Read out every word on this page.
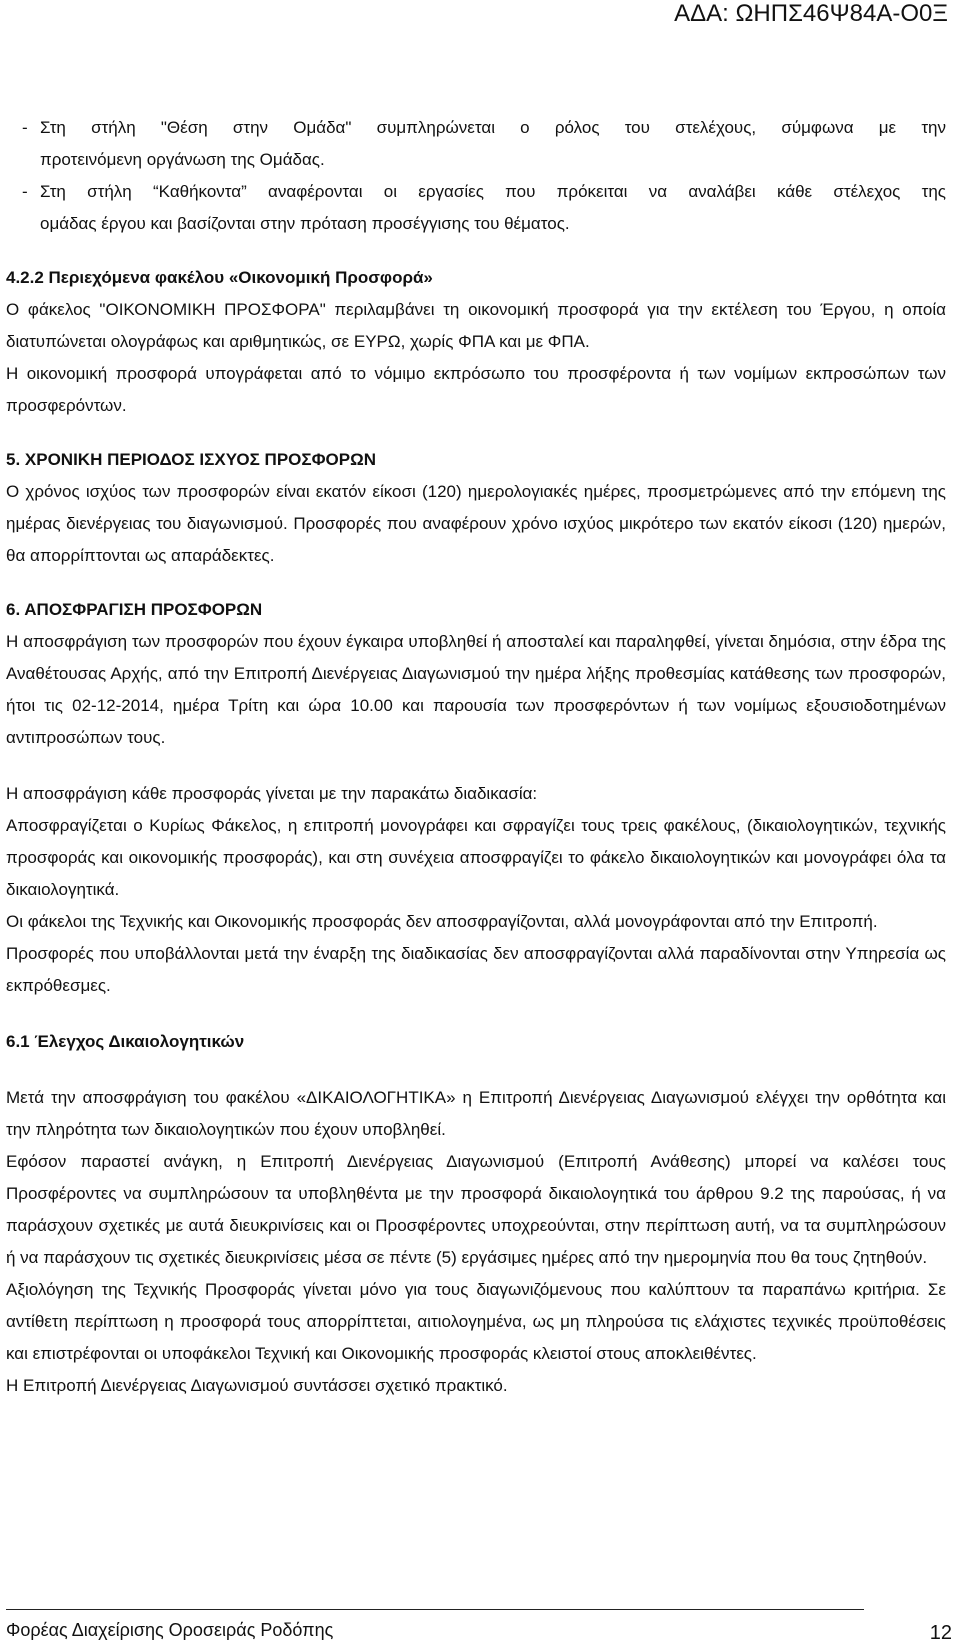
ΑΔΑ: ΩΗΠΣ46Ψ84Α-Ο0Ξ
- Στη στήλη "Θέση στην Ομάδα" συμπληρώνεται ο ρόλος του στελέχους, σύμφωνα με την
προτεινόμενη οργάνωση της Ομάδας.
- Στη στήλη “Καθήκοντα” αναφέρονται οι εργασίες που πρόκειται να αναλάβει κάθε στέλεχος της
ομάδας έργου και βασίζονται στην πρόταση προσέγγισης του θέματος.
4.2.2 Περιεχόμενα φακέλου «Οικονομική Προσφορά»
Ο φάκελος "ΟΙΚΟΝΟΜΙΚΗ ΠΡΟΣΦΟΡΑ" περιλαμβάνει τη οικονομική προσφορά για την εκτέλεση του Έργου, η οποία διατυπώνεται ολογράφως και αριθμητικώς, σε ΕΥΡΩ, χωρίς ΦΠΑ και με ΦΠΑ.
Η οικονομική προσφορά υπογράφεται από το νόμιμο εκπρόσωπο του προσφέροντα ή των νομίμων εκπροσώπων των προσφερόντων.
5. ΧΡΟΝΙΚΗ ΠΕΡΙΟΔΟΣ ΙΣΧΥΟΣ ΠΡΟΣΦΟΡΩΝ
Ο χρόνος ισχύος των προσφορών είναι εκατόν είκοσι (120) ημερολογιακές ημέρες, προσμετρώμενες από την επόμενη της ημέρας διενέργειας του διαγωνισμού. Προσφορές που αναφέρουν χρόνο ισχύος μικρότερο των εκατόν είκοσι (120) ημερών, θα απορρίπτονται ως απαράδεκτες.
6. ΑΠΟΣΦΡΑΓΙΣΗ ΠΡΟΣΦΟΡΩΝ
Η αποσφράγιση των προσφορών που έχουν έγκαιρα υποβληθεί ή αποσταλεί και παραληφθεί, γίνεται δημόσια, στην έδρα της Αναθέτουσας Αρχής, από την Επιτροπή Διενέργειας Διαγωνισμού την ημέρα λήξης προθεσμίας κατάθεσης των προσφορών, ήτοι τις 02-12-2014, ημέρα Τρίτη και ώρα 10.00 και παρουσία των προσφερόντων ή των νομίμως εξουσιοδοτημένων αντιπροσώπων τους.
Η αποσφράγιση κάθε προσφοράς γίνεται με την παρακάτω διαδικασία:
Αποσφραγίζεται ο Κυρίως Φάκελος, η επιτροπή μονογράφει και σφραγίζει τους τρεις φακέλους, (δικαιολογητικών, τεχνικής προσφοράς και οικονομικής προσφοράς), και στη συνέχεια αποσφραγίζει το φάκελο δικαιολογητικών και μονογράφει όλα τα δικαιολογητικά.
Οι φάκελοι της Τεχνικής και Οικονομικής προσφοράς δεν αποσφραγίζονται, αλλά μονογράφονται από την Επιτροπή.
Προσφορές που υποβάλλονται μετά την έναρξη της διαδικασίας δεν αποσφραγίζονται αλλά παραδίνονται στην Υπηρεσία ως εκπρόθεσμες.
6.1 Έλεγχος Δικαιολογητικών
Μετά την αποσφράγιση του φακέλου «ΔΙΚΑΙΟΛΟΓΗΤΙΚΑ» η Επιτροπή Διενέργειας Διαγωνισμού ελέγχει την ορθότητα και την πληρότητα των δικαιολογητικών που έχουν υποβληθεί.
Εφόσον παραστεί ανάγκη, η Επιτροπή Διενέργειας Διαγωνισμού (Επιτροπή Ανάθεσης) μπορεί να καλέσει τους Προσφέροντες να συμπληρώσουν τα υποβληθέντα με την προσφορά δικαιολογητικά του άρθρου 9.2 της παρούσας, ή να παράσχουν σχετικές με αυτά διευκρινίσεις και οι Προσφέροντες υποχρεούνται, στην περίπτωση αυτή, να τα συμπληρώσουν ή να παράσχουν τις σχετικές διευκρινίσεις μέσα σε πέντε (5) εργάσιμες ημέρες από την ημερομηνία που θα τους ζητηθούν.
Αξιολόγηση της Τεχνικής Προσφοράς γίνεται μόνο για τους διαγωνιζόμενους που καλύπτουν τα παραπάνω κριτήρια. Σε αντίθετη περίπτωση η προσφορά τους απορρίπτεται, αιτιολογημένα, ως μη πληρούσα τις ελάχιστες τεχνικές προϋποθέσεις και επιστρέφονται οι υποφάκελοι Τεχνική και Οικονομικής προσφοράς κλειστοί στους αποκλειθέντες.
Η Επιτροπή Διενέργειας Διαγωνισμού συντάσσει σχετικό πρακτικό.
Φορέας Διαχείρισης Οροσειράς Ροδόπης	12
